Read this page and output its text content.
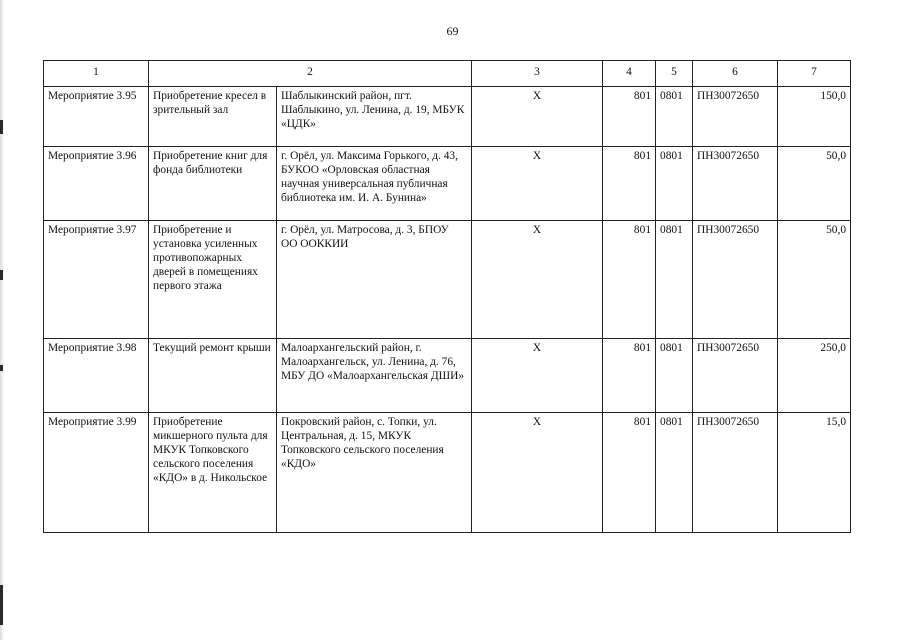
69
1	2		3	4	5	6	7
Мероприятие 3.95	Приобретение кресел в зрительный зал	Шаблыкинский район, пгт. Шаблыкино, ул. Ленина, д. 19, МБУК «ЦДК»	Х	801	0801	ПН30072650	150,0
Мероприятие 3.96	Приобретение книг для фонда библиотеки	г. Орёл, ул. Максима Горького, д. 43, БУКОО «Орловская областная научная универсальная публичная библиотека им. И. А. Бунина»	Х	801	0801	ПН30072650	50,0
Мероприятие 3.97	Приобретение и установка усиленных противопожарных дверей в помещениях первого этажа	г. Орёл, ул. Матросова, д. 3, БПОУ ОО ООККИИ	Х	801	0801	ПН30072650	50,0
Мероприятие 3.98	Текущий ремонт крыши	Малоархангельский район, г. Малоархангельск, ул. Ленина, д. 76, МБУ ДО «Малоархангельская ДШИ»	Х	801	0801	ПН30072650	250,0
Мероприятие 3.99	Приобретение микшерного пульта для МКУК Топковского сельского поселения «КДО» в д. Никольское	Покровский район, с. Топки, ул. Центральная, д. 15, МКУК Топковского сельского поселения «КДО»	Х	801	0801	ПН30072650	15,0
